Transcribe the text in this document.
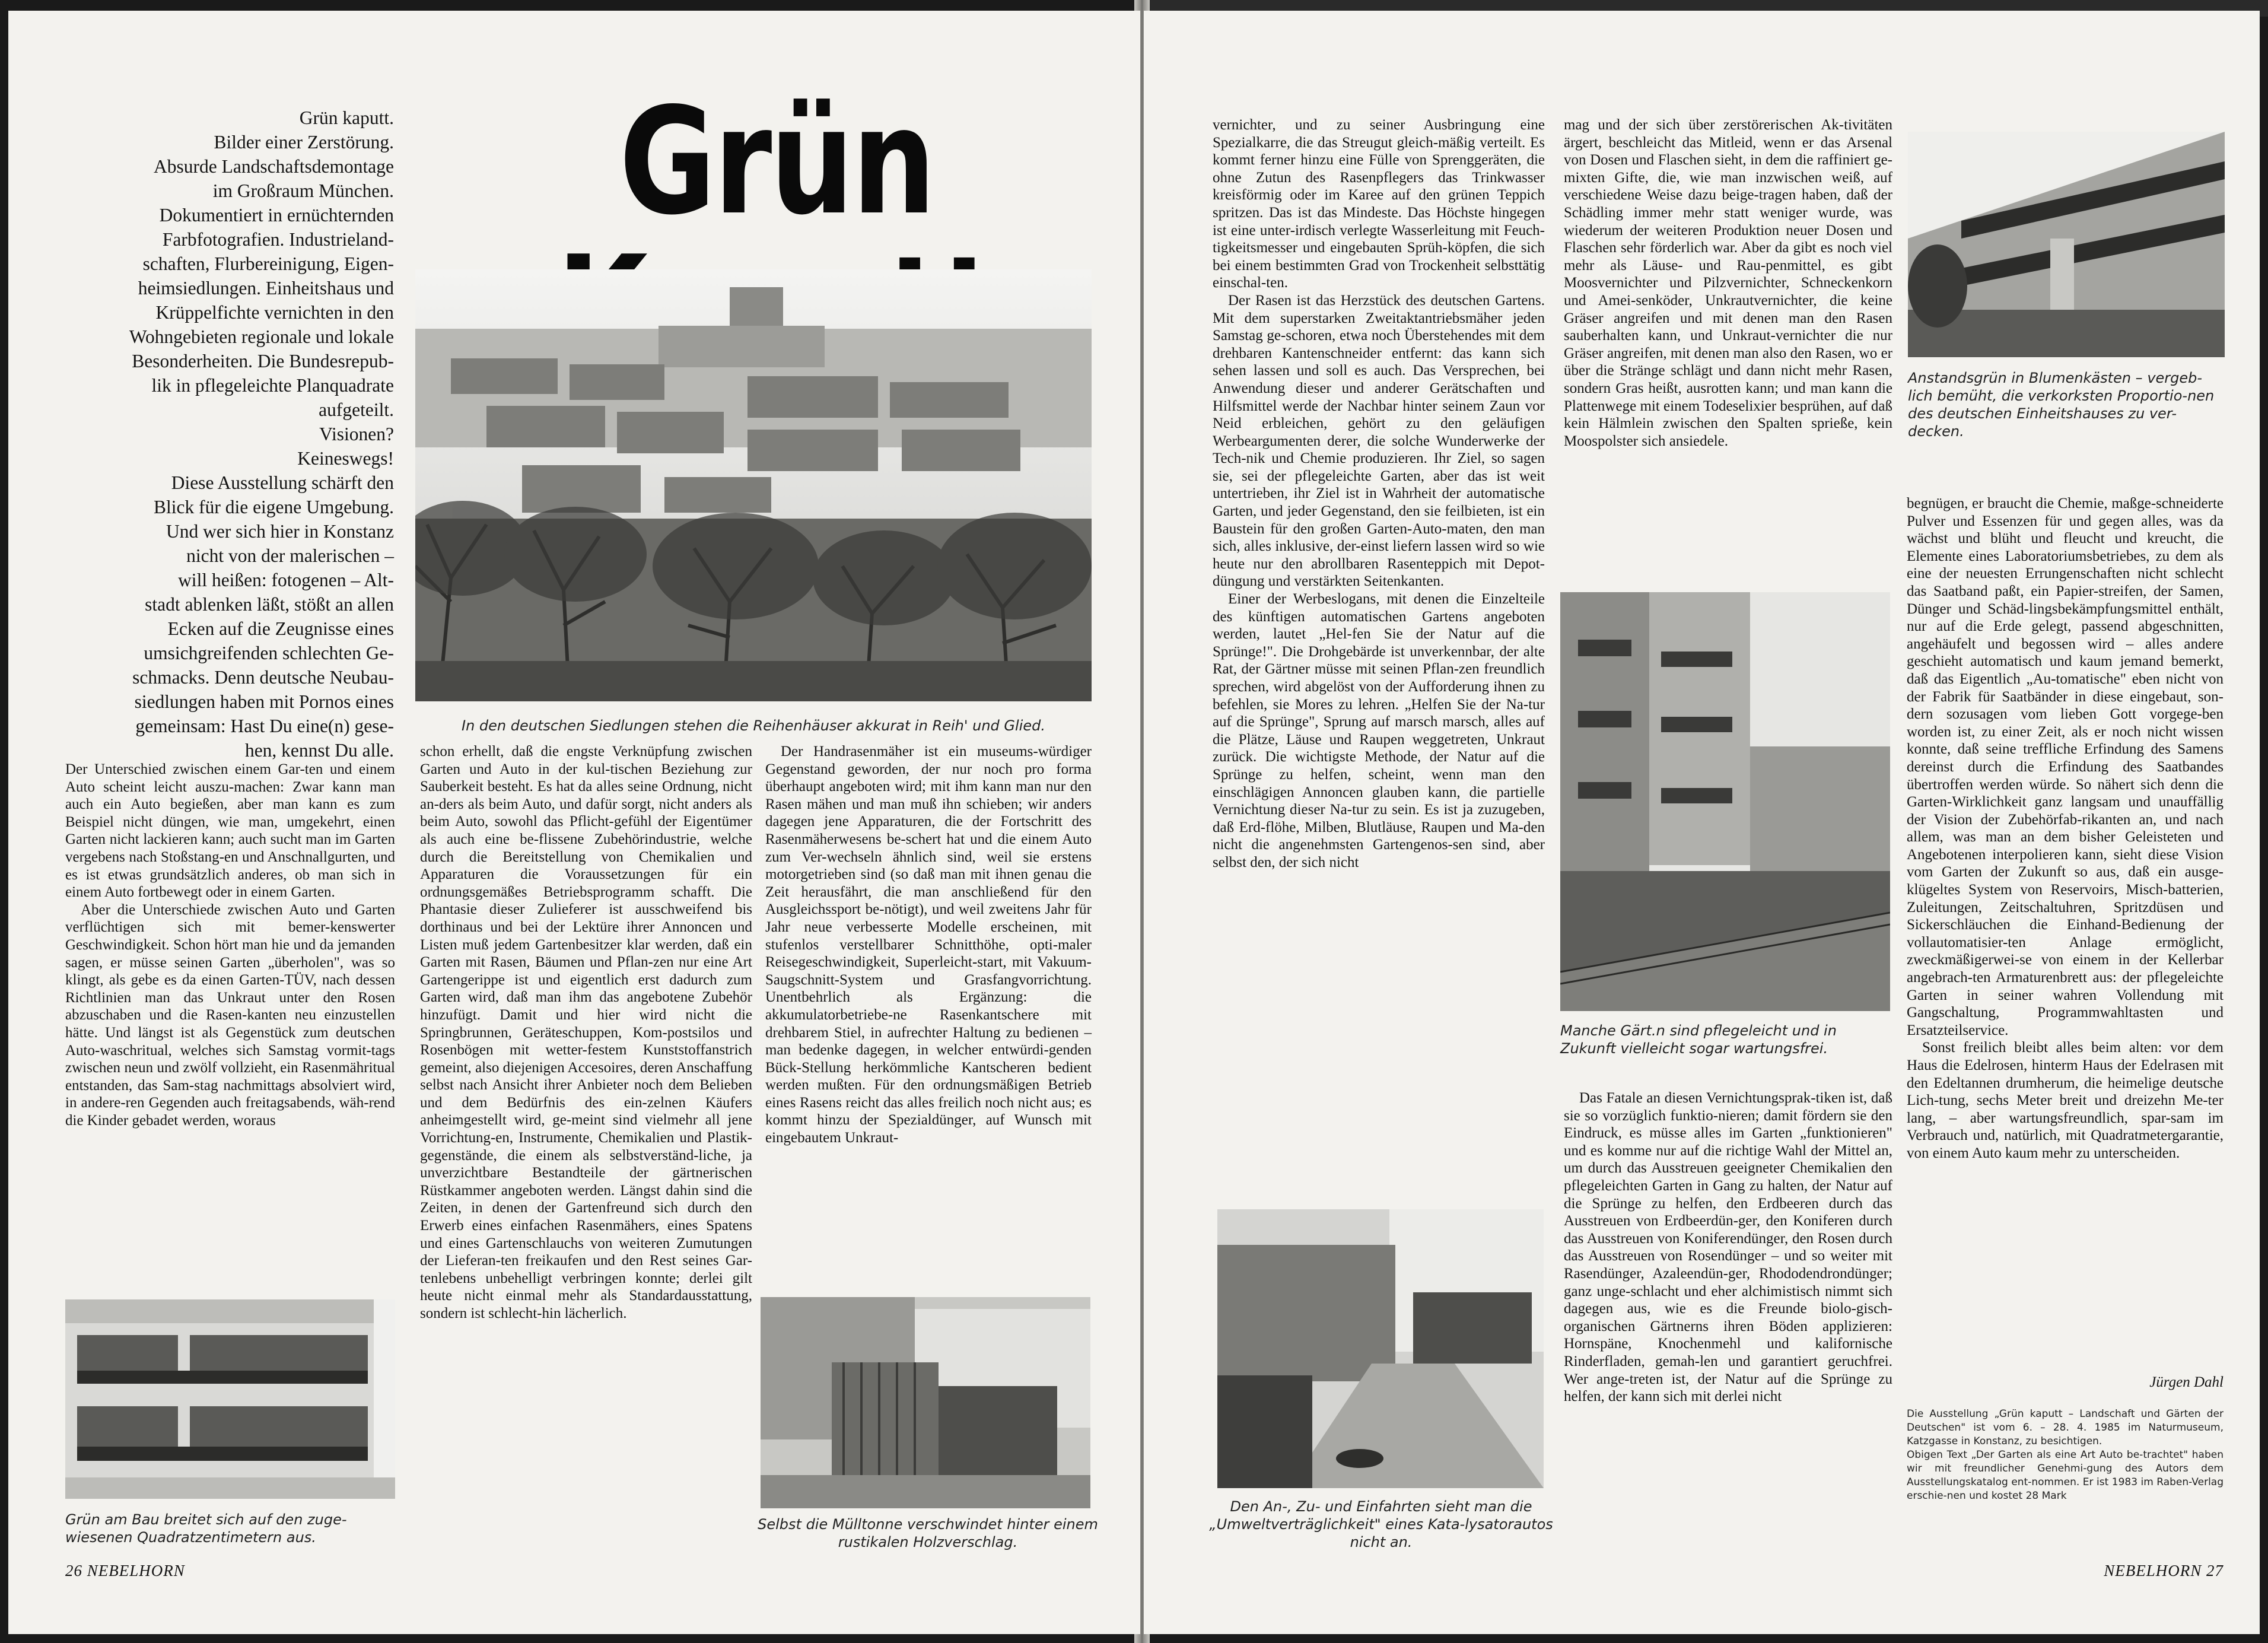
Grün kaputt.

Bilder einer Zerstörung.

Absurde Landschaftsdemontage

im Großraum München.

Dokumentiert in ernüchternden

Farbfotografien. Industrieland-

schaften, Flurbereinigung, Eigen-

heimsiedlungen. Einheitshaus und

Krüppelfichte vernichten in den

Wohngebieten regionale und lokale

Besonderheiten. Die Bundesrepub-

lik in pflegeleichte Planquadrate

aufgeteilt.

Visionen?

Keineswegs!

Diese Ausstellung schärft den

Blick für die eigene Umgebung.

Und wer sich hier in Konstanz

nicht von der malerischen –

will heißen: fotogenen – Alt-

stadt ablenken läßt, stößt an allen

Ecken auf die Zeugnisse eines

umsichgreifenden schlechten Ge-

schmacks. Denn deutsche Neubau-

siedlungen haben mit Pornos eines

gemeinsam: Hast Du eine(n) gese-

hen, kennst Du alle.

Grün
In den deutschen Siedlungen stehen die Reihenhäuser akkurat in Reih' und Glied.

Der Unterschied zwischen einem Gar-ten und einem Auto scheint leicht auszu-machen: Zwar kann man auch ein Auto begießen, aber man kann es zum Beispiel nicht düngen, wie man, umgekehrt, einen Garten nicht lackieren kann; auch sucht man im Garten vergebens nach Stoßstang-en und Anschnallgurten, und es ist etwas grundsätzlich anderes, ob man sich in einem Auto fortbewegt oder in einem Garten.

Aber die Unterschiede zwischen Auto und Garten verflüchtigen sich mit bemer-kenswerter Geschwindigkeit. Schon hört man hie und da jemanden sagen, er müsse seinen Garten „überholen", was so klingt, als gebe es da einen Garten-TÜV, nach dessen Richtlinien man das Unkraut unter den Rosen abzuschaben und die Rasen-kanten neu einzustellen hätte. Und längst ist als Gegenstück zum deutschen Auto-waschritual, welches sich Samstag vormit-tags zwischen neun und zwölf vollzieht, ein Rasenmähritual entstanden, das Sam-stag nachmittags absolviert wird, in andere-ren Gegenden auch freitagsabends, wäh-rend die Kinder gebadet werden, woraus

schon erhellt, daß die engste Verknüpfung zwischen Garten und Auto in der kul-tischen Beziehung zur Sauberkeit besteht. Es hat da alles seine Ordnung, nicht an-ders als beim Auto, und dafür sorgt, nicht anders als beim Auto, sowohl das Pflicht-gefühl der Eigentümer als auch eine be-flissene Zubehörindustrie, welche durch die Bereitstellung von Chemikalien und Apparaturen die Voraussetzungen für ein ordnungsgemäßes Betriebsprogramm schafft. Die Phantasie dieser Zulieferer ist ausschweifend bis dorthinaus und bei der Lektüre ihrer Annoncen und Listen muß jedem Gartenbesitzer klar werden, daß ein Garten mit Rasen, Bäumen und Pflan-zen nur eine Art Gartengerippe ist und eigentlich erst dadurch zum Garten wird, daß man ihm das angebotene Zubehör hinzufügt. Damit und hier wird nicht die Springbrunnen, Geräteschuppen, Kom-postsilos und Rosenbögen mit wetter-festem Kunststoffanstrich gemeint, also diejenigen Accesoires, deren Anschaffung selbst nach Ansicht ihrer Anbieter noch dem Belieben und dem Bedürfnis des ein-zelnen Käufers anheimgestellt wird, ge-meint sind vielmehr all jene Vorrichtung-en, Instrumente, Chemikalien und Plastik-gegenstände, die einem als selbstverständ-liche, ja unverzichtbare Bestandteile der gärtnerischen Rüstkammer angeboten werden. Längst dahin sind die Zeiten, in denen der Gartenfreund sich durch den Erwerb eines einfachen Rasenmähers, eines Spatens und eines Gartenschlauchs von weiteren Zumutungen der Lieferan-ten freikaufen und den Rest seines Gar-tenlebens unbehelligt verbringen konnte; derlei gilt heute nicht einmal mehr als Standardausstattung, sondern ist schlecht-hin lächerlich.

Der Handrasenmäher ist ein museums-würdiger Gegenstand geworden, der nur noch pro forma überhaupt angeboten wird; mit ihm kann man nur den Rasen mähen und man muß ihn schieben; wir anders dagegen jene Apparaturen, die der Fortschritt des Rasenmäherwesens be-schert hat und die einem Auto zum Ver-wechseln ähnlich sind, weil sie erstens motorgetrieben sind (so daß man mit ihnen genau die Zeit herausfährt, die man anschließend für den Ausgleichssport be-nötigt), und weil zweitens Jahr für Jahr neue verbesserte Modelle erscheinen, mit stufenlos verstellbarer Schnitthöhe, opti-maler Reisegeschwindigkeit, Superleicht-start, mit Vakuum-Saugschnitt-System und Grasfangvorrichtung. Unentbehrlich als Ergänzung: die akkumulatorbetriebe-ne Rasenkantschere mit drehbarem Stiel, in aufrechter Haltung zu bedienen – man bedenke dagegen, in welcher entwürdi-genden Bück-Stellung herkömmliche Kantscheren bedient werden mußten. Für den ordnungsmäßigen Betrieb eines Rasens reicht das alles freilich noch nicht aus; es kommt hinzu der Spezialdünger, auf Wunsch mit eingebautem Unkraut-

Grün am Bau breitet sich auf den zuge-wiesenen Quadratzentimetern aus.
Selbst die Mülltonne verschwindet hinter einem rustikalen Holzverschlag.
26 NEBELHORN

vernichter, und zu seiner Ausbringung eine Spezialkarre, die das Streugut gleich-mäßig verteilt. Es kommt ferner hinzu eine Fülle von Sprenggeräten, die ohne Zutun des Rasenpflegers das Trinkwasser kreisförmig oder im Karee auf den grünen Teppich spritzen. Das ist das Mindeste. Das Höchste hingegen ist eine unter-irdisch verlegte Wasserleitung mit Feuch-tigkeitsmesser und eingebauten Sprüh-köpfen, die sich bei einem bestimmten Grad von Trockenheit selbsttätig einschal-ten.

Der Rasen ist das Herzstück des deutschen Gartens. Mit dem superstarken Zweitaktantriebsmäher jeden Samstag ge-schoren, etwa noch Überstehendes mit dem drehbaren Kantenschneider entfernt: das kann sich sehen lassen und soll es auch. Das Versprechen, bei Anwendung dieser und anderer Gerätschaften und Hilfsmittel werde der Nachbar hinter seinem Zaun vor Neid erbleichen, gehört zu den geläufigen Werbeargumenten derer, die solche Wunderwerke der Tech-nik und Chemie produzieren. Ihr Ziel, so sagen sie, sei der pflegeleichte Garten, aber das ist weit untertrieben, ihr Ziel ist in Wahrheit der automatische Garten, und jeder Gegenstand, den sie feilbieten, ist ein Baustein für den großen Garten-Auto-maten, den man sich, alles inklusive, der-einst liefern lassen wird so wie heute nur den abrollbaren Rasenteppich mit Depot-düngung und verstärkten Seitenkanten.

Einer der Werbeslogans, mit denen die Einzelteile des künftigen automatischen Gartens angeboten werden, lautet „Hel-fen Sie der Natur auf die Sprünge!". Die Drohgebärde ist unverkennbar, der alte Rat, der Gärtner müsse mit seinen Pflan-zen freundlich sprechen, wird abgelöst von der Aufforderung ihnen zu befehlen, sie Mores zu lehren. „Helfen Sie der Na-tur auf die Sprünge", Sprung auf marsch marsch, alles auf die Plätze, Läuse und Raupen weggetreten, Unkraut zurück. Die wichtigste Methode, der Natur auf die Sprünge zu helfen, scheint, wenn man den einschlägigen Annoncen glauben kann, die partielle Vernichtung dieser Na-tur zu sein. Es ist ja zuzugeben, daß Erd-flöhe, Milben, Blutläuse, Raupen und Ma-den nicht die angenehmsten Gartengenos-sen sind, aber selbst den, der sich nicht

mag und der sich über zerstörerischen Ak-tivitäten ärgert, beschleicht das Mitleid, wenn er das Arsenal von Dosen und Flaschen sieht, in dem die raffiniert ge-mixten Gifte, die, wie man inzwischen weiß, auf verschiedene Weise dazu beige-tragen haben, daß der Schädling immer mehr statt weniger wurde, was wiederum der weiteren Produktion neuer Dosen und Flaschen sehr förderlich war. Aber da gibt es noch viel mehr als Läuse- und Rau-penmittel, es gibt Moosvernichter und Pilzvernichter, Schneckenkorn und Amei-senköder, Unkrautvernichter, die keine Gräser angreifen und mit denen man den Rasen sauberhalten kann, und Unkraut-vernichter die nur Gräser angreifen, mit denen man also den Rasen, wo er über die Stränge schlägt und dann nicht mehr Rasen, sondern Gras heißt, ausrotten kann; und man kann die Plattenwege mit einem Todeselixier besprühen, auf daß kein Hälmlein zwischen den Spalten sprieße, kein Moospolster sich ansiedele.

Manche Gärt.n sind pflegeleicht und in Zukunft vielleicht sogar wartungsfrei.

Das Fatale an diesen Vernichtungsprak-tiken ist, daß sie so vorzüglich funktio-nieren; damit fördern sie den Eindruck, es müsse alles im Garten „funktionieren" und es komme nur auf die richtige Wahl der Mittel an, um durch das Ausstreuen geeigneter Chemikalien den pflegeleichten Garten in Gang zu halten, der Natur auf die Sprünge zu helfen, den Erdbeeren durch das Ausstreuen von Erdbeerdün-ger, den Koniferen durch das Ausstreuen von Koniferendünger, den Rosen durch das Ausstreuen von Rosendünger – und so weiter mit Rasendünger, Azaleendün-ger, Rhododendrondünger; ganz unge-schlacht und eher alchimistisch nimmt sich dagegen aus, wie es die Freunde biolo-gisch-organischen Gärtnerns ihren Böden applizieren: Hornspäne, Knochenmehl und kalifornische Rinderfladen, gemah-len und garantiert geruchfrei. Wer ange-treten ist, der Natur auf die Sprünge zu helfen, der kann sich mit derlei nicht

Den An-, Zu- und Einfahrten sieht man die „Umweltverträglichkeit" eines Kata-lysatorautos nicht an.
Anstandsgrün in Blumenkästen – vergeb-lich bemüht, die verkorksten Proportio-nen des deutschen Einheitshauses zu ver-decken.

begnügen, er braucht die Chemie, maßge-schneiderte Pulver und Essenzen für und gegen alles, was da wächst und blüht und fleucht und kreucht, die Elemente eines Laboratoriumsbetriebes, zu dem als eine der neuesten Errungenschaften nicht schlecht das Saatband paßt, ein Papier-streifen, der Samen, Dünger und Schäd-lingsbekämpfungsmittel enthält, nur auf die Erde gelegt, passend abgeschnitten, angehäufelt und begossen wird – alles andere geschieht automatisch und kaum jemand bemerkt, daß das Eigentlich „Au-tomatische" eben nicht von der Fabrik für Saatbänder in diese eingebaut, son-dern sozusagen vom lieben Gott vorgege-ben worden ist, zu einer Zeit, als er noch nicht wissen konnte, daß seine treffliche Erfindung des Samens dereinst durch die Erfindung des Saatbandes übertroffen werden würde. So nähert sich denn die Garten-Wirklichkeit ganz langsam und unauffällig der Vision der Zubehörfab-rikanten an, und nach allem, was man an dem bisher Geleisteten und Angebotenen interpolieren kann, sieht diese Vision vom Garten der Zukunft so aus, daß ein ausge-klügeltes System von Reservoirs, Misch-batterien, Zuleitungen, Zeitschaltuhren, Spritzdüsen und Sickerschläuchen die Einhand-Bedienung der vollautomatisier-ten Anlage ermöglicht, zweckmäßigerwei-se von einem in der Kellerbar angebrach-ten Armaturenbrett aus: der pflegeleichte Garten in seiner wahren Vollendung mit Gangschaltung, Programmwahltasten und Ersatzteilservice.

Sonst freilich bleibt alles beim alten: vor dem Haus die Edelrosen, hinterm Haus der Edelrasen mit den Edeltannen drumherum, die heimelige deutsche Lich-tung, sechs Meter breit und dreizehn Me-ter lang, – aber wartungsfreundlich, spar-sam im Verbrauch und, natürlich, mit Quadratmetergarantie, von einem Auto kaum mehr zu unterscheiden.

Jürgen Dahl

Die Ausstellung „Grün kaputt – Landschaft und Gärten der Deutschen" ist vom 6. – 28. 4. 1985 im Naturmuseum, Katzgasse in Konstanz, zu besichtigen.

Obigen Text „Der Garten als eine Art Auto be-trachtet" haben wir mit freundlicher Genehmi-gung des Autors dem Ausstellungskatalog ent-nommen. Er ist 1983 im Raben-Verlag erschie-nen und kostet 28 Mark

NEBELHORN 27
